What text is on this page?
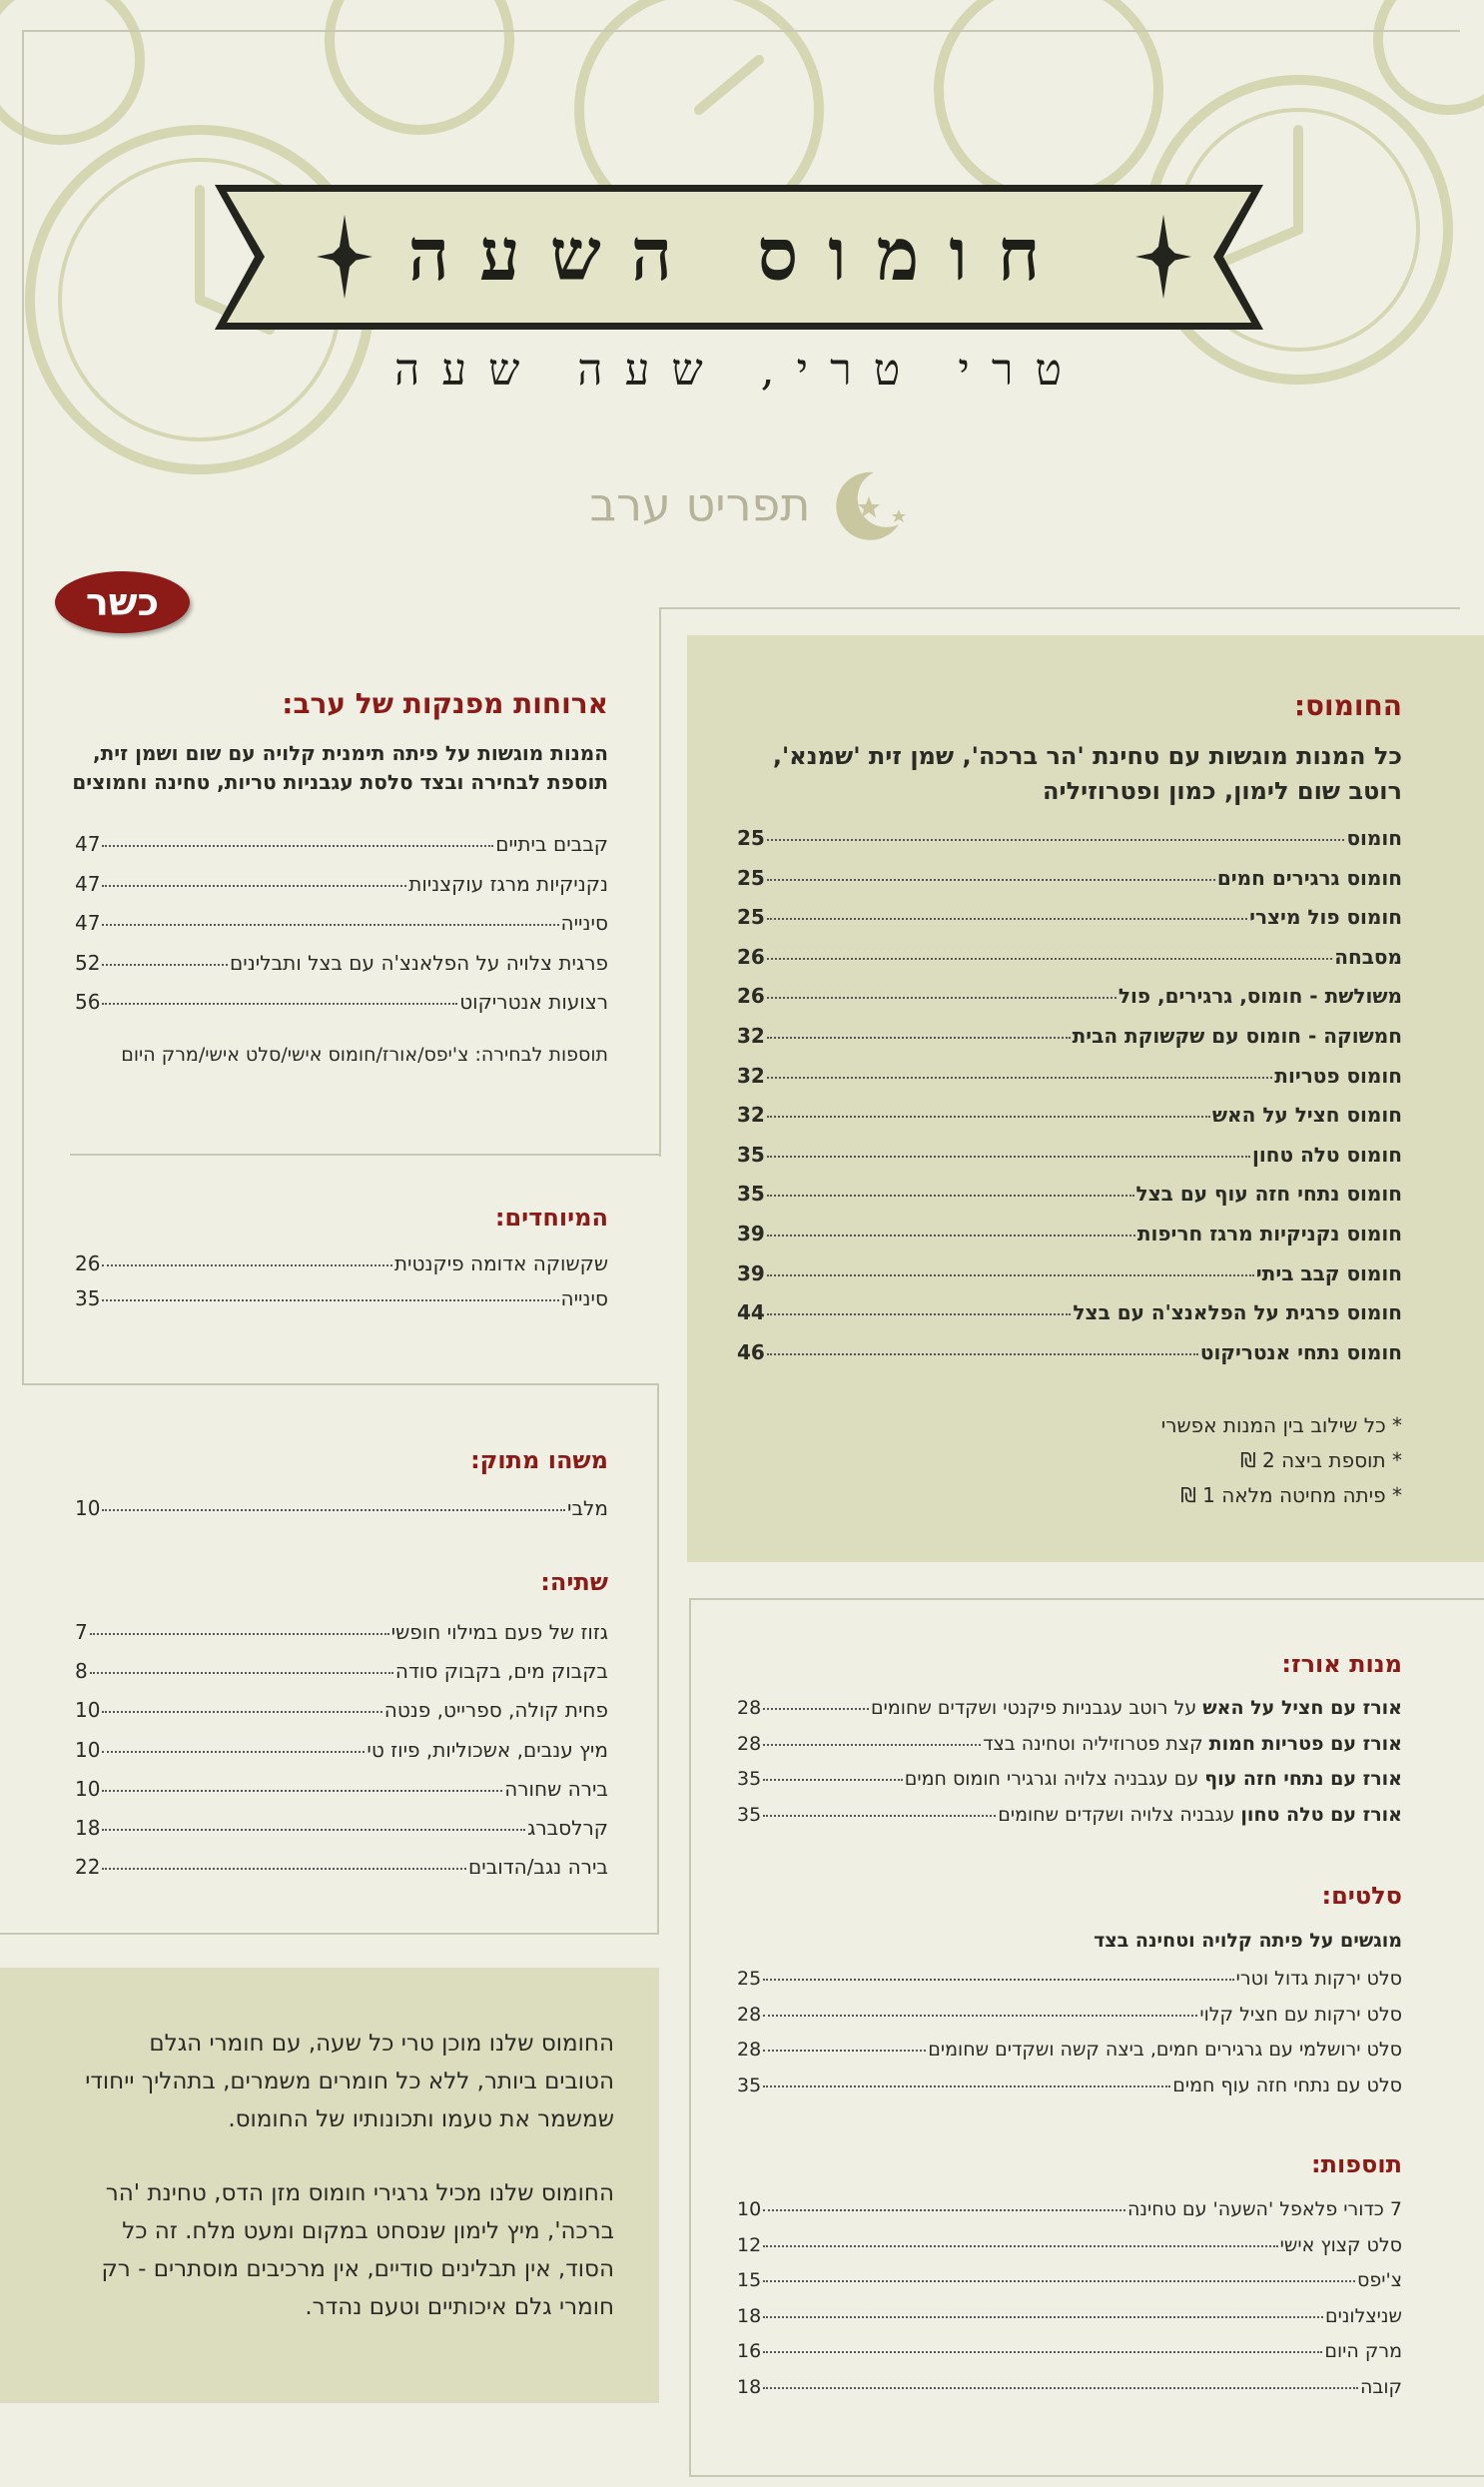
חומוס השעה
טרי טרי, שעה שעה
תפריט ערב
כשר
החומוס:
כל המנות מוגשות עם טחינת 'הר ברכה', שמן זית 'שמנא', רוטב שום לימון, כמון ופטרוזיליה
חומוס
25
חומוס גרגירים חמים
25
חומוס פול מיצרי
25
מסבחה
26
משולשת - חומוס, גרגירים, פול
26
חמשוקה - חומוס עם שקשוקת הבית
32
חומוס פטריות
32
חומוס חציל על האש
32
חומוס טלה טחון
35
חומוס נתחי חזה עוף עם בצל
35
חומוס נקניקיות מרגז חריפות
39
חומוס קבב ביתי
39
חומוס פרגית על הפלאנצ'ה עם בצל
44
חומוס נתחי אנטריקוט
46
* כל שילוב בין המנות אפשרי
* תוספת ביצה 2 ₪
* פיתה מחיטה מלאה 1 ₪
ארוחות מפנקות של ערב:
המנות מוגשות על פיתה תימנית קלויה עם שום ושמן זית, תוספת לבחירה ובצד סלסת עגבניות טריות, טחינה וחמוצים
קבבים ביתיים
47
נקניקיות מרגז עוקצניות
47
סינייה
47
פרגית צלויה על הפלאנצ'ה עם בצל ותבלינים
52
רצועות אנטריקוט
56
תוספות לבחירה: צ'יפס/אורז/חומוס אישי/סלט אישי/מרק היום
המיוחדים:
שקשוקה אדומה פיקנטית
26
סינייה
35
משהו מתוק:
מלבי
10
שתיה:
גזוז של פעם במילוי חופשי
7
בקבוק מים, בקבוק סודה
8
פחית קולה, ספרייט, פנטה
10
מיץ ענבים, אשכוליות, פיוז טי
10
בירה שחורה
10
קרלסברג
18
בירה נגב/הדובים
22
החומוס שלנו מוכן טרי כל שעה, עם חומרי הגלם הטובים ביותר, ללא כל חומרים משמרים, בתהליך ייחודי שמשמר את טעמו ותכונותיו של החומוס.
החומוס שלנו מכיל גרגירי חומוס מזן הדס, טחינת 'הר ברכה', מיץ לימון שנסחט במקום ומעט מלח. זה כל הסוד, אין תבלינים סודיים, אין מרכיבים מוסתרים - רק חומרי גלם איכותיים וטעם נהדר.
מנות אורז:
אורז עם חציל על האש
על רוטב עגבניות פיקנטי ושקדים שחומים
28
אורז עם פטריות חמות
קצת פטרוזיליה וטחינה בצד
28
אורז עם נתחי חזה עוף
עם עגבניה צלויה וגרגירי חומוס חמים
35
אורז עם טלה טחון
עגבניה צלויה ושקדים שחומים
35
סלטים:
מוגשים על פיתה קלויה וטחינה בצד
סלט ירקות גדול וטרי
25
סלט ירקות עם חציל קלוי
28
סלט ירושלמי עם גרגירים חמים, ביצה קשה ושקדים שחומים
28
סלט עם נתחי חזה עוף חמים
35
תוספות:
7 כדורי פלאפל 'השעה' עם טחינה
10
סלט קצוץ אישי
12
צ'יפס
15
שניצלונים
18
מרק היום
16
קובה
18
